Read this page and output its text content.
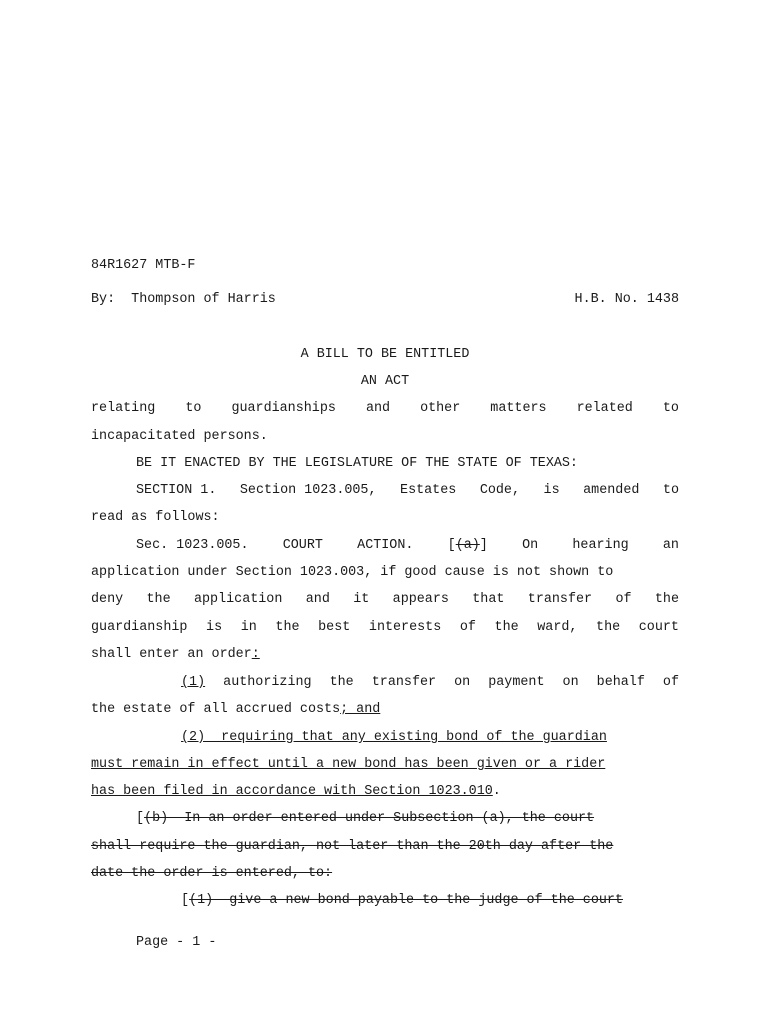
84R1627 MTB-F
By:  Thompson of Harris	H.B. No. 1438
A BILL TO BE ENTITLED
AN ACT
relating to guardianships and other matters related to
incapacitated persons.
BE IT ENACTED BY THE LEGISLATURE OF THE STATE OF TEXAS:
SECTION 1. Section 1023.005, Estates Code, is amended to
read as follows:
Sec. 1023.005.	COURT	ACTION.	[(a)]	On	hearing	an
application under Section 1023.003, if good cause is not shown to
deny the application and it appears that transfer of the
guardianship is in the best interests of the ward, the court
shall enter an order:
(1) authorizing the transfer on payment on behalf of
the estate of all accrued costs; and
(2)  requiring that any existing bond of the guardian
must remain in effect until a new bond has been given or a rider
has been filed in accordance with Section 1023.010.
[(b)  In an order entered under Subsection (a), the court
shall require the guardian, not later than the 20th day after the
date the order is entered, to:
[(1)  give a new bond payable to the judge of the court
Page - 1 -
